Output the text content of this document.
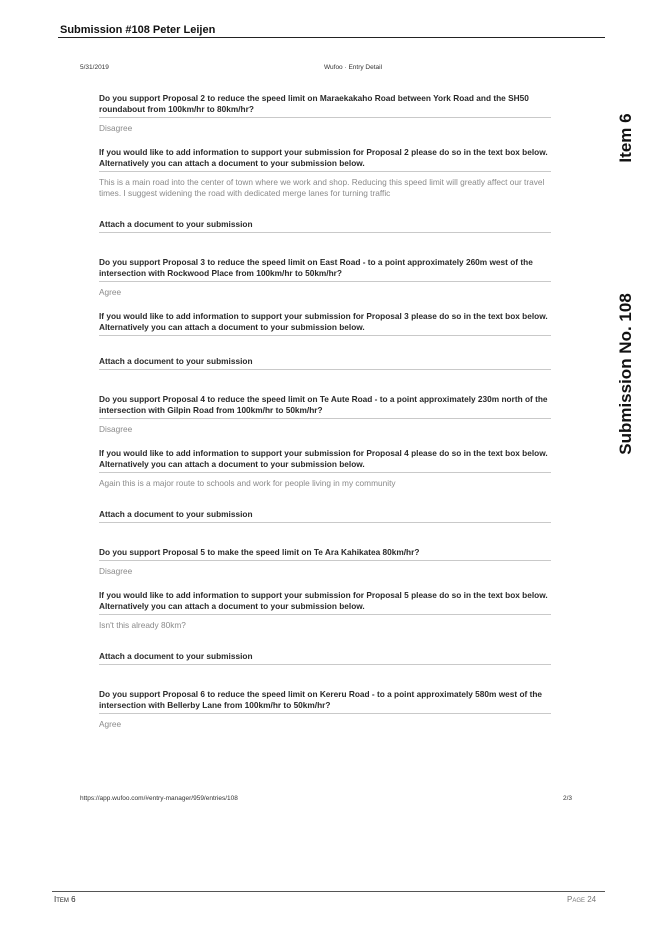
Submission #108 Peter Leijen
5/31/2019	Wufoo · Entry Detail
Item 6
Submission No. 108

Do you support Proposal 2 to reduce the speed limit on Maraekakaho Road between York Road and the SH50 roundabout from 100km/hr to 80km/hr?

Disagree

If you would like to add information to support your submission for Proposal 2 please do so in the text box below. Alternatively you can attach a document to your submission below.

This is a main road into the center of town where we work and shop. Reducing this speed limit will greatly affect our travel times. I suggest widening the road with dedicated merge lanes for turning traffic

Attach a document to your submission

Do you support Proposal 3 to reduce the speed limit on East Road - to a point approximately 260m west of the intersection with Rockwood Place from 100km/hr to 50km/hr?

Agree

If you would like to add information to support your submission for Proposal 3 please do so in the text box below. Alternatively you can attach a document to your submission below.

Attach a document to your submission

Do you support Proposal 4 to reduce the speed limit on Te Aute Road - to a point approximately 230m north of the intersection with Gilpin Road from 100km/hr to 50km/hr?

Disagree

If you would like to add information to support your submission for Proposal 4 please do so in the text box below. Alternatively you can attach a document to your submission below.

Again this is a major route to schools and work for people living in my community

Attach a document to your submission

Do you support Proposal 5 to make the speed limit on Te Ara Kahikatea 80km/hr?

Disagree

If you would like to add information to support your submission for Proposal 5 please do so in the text box below. Alternatively you can attach a document to your submission below.

Isn't this already 80km?

Attach a document to your submission

Do you support Proposal 6 to reduce the speed limit on Kereru Road - to a point approximately 580m west of the intersection with Bellerby Lane from 100km/hr to 50km/hr?

Agree

https://app.wufoo.com/#entry-manager/959/entries/108	2/3
Item 6	Page 24
